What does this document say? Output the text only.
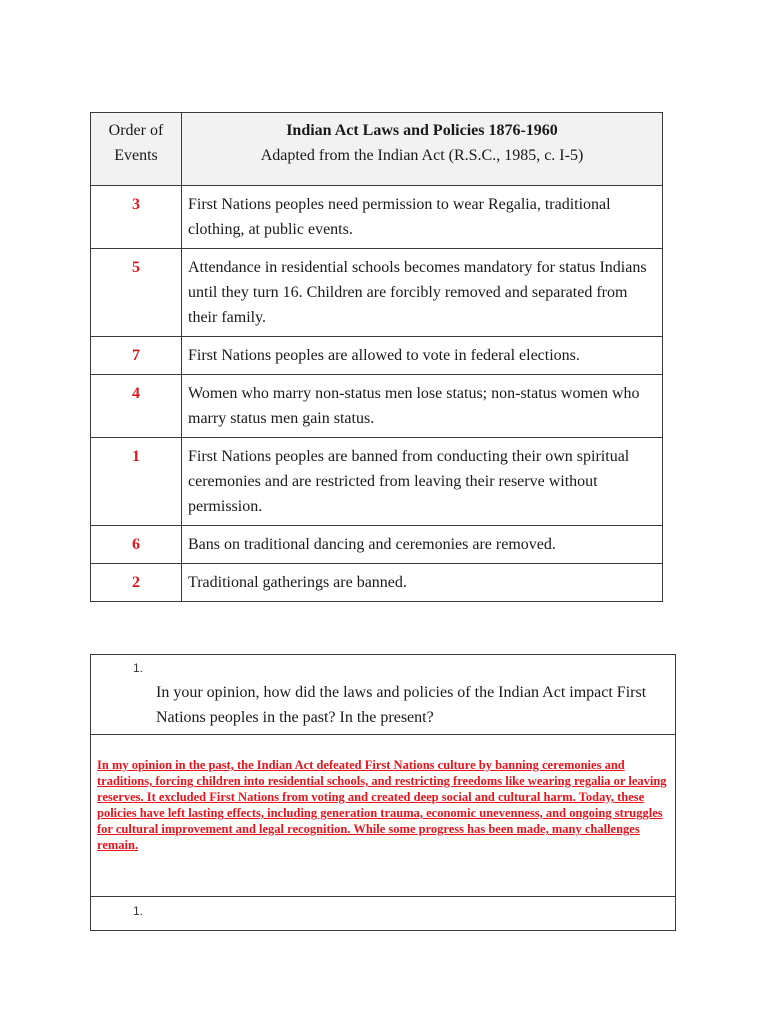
Order of Events	Indian Act Laws and Policies 1876-1960
Adapted from the Indian Act (R.S.C., 1985, c. I-5)

3	First Nations peoples need permission to wear Regalia, traditional clothing, at public events.
5	Attendance in residential schools becomes mandatory for status Indians until they turn 16. Children are forcibly removed and separated from their family.
7	First Nations peoples are allowed to vote in federal elections.
4	Women who marry non-status men lose status; non-status women who marry status men gain status.
1	First Nations peoples are banned from conducting their own spiritual ceremonies and are restricted from leaving their reserve without permission.
6	Bans on traditional dancing and ceremonies are removed.
2	Traditional gatherings are banned.
1.
In your opinion, how did the laws and policies of the Indian Act impact First Nations peoples in the past? In the present?
In my opinion in the past, the Indian Act defeated First Nations culture by banning ceremonies and traditions, forcing children into residential schools, and restricting freedoms like wearing regalia or leaving reserves. It excluded First Nations from voting and created deep social and cultural harm. Today, these policies have left lasting effects, including generation trauma, economic unevenness, and ongoing struggles for cultural improvement and legal recognition. While some progress has been made, many challenges remain.
1.
